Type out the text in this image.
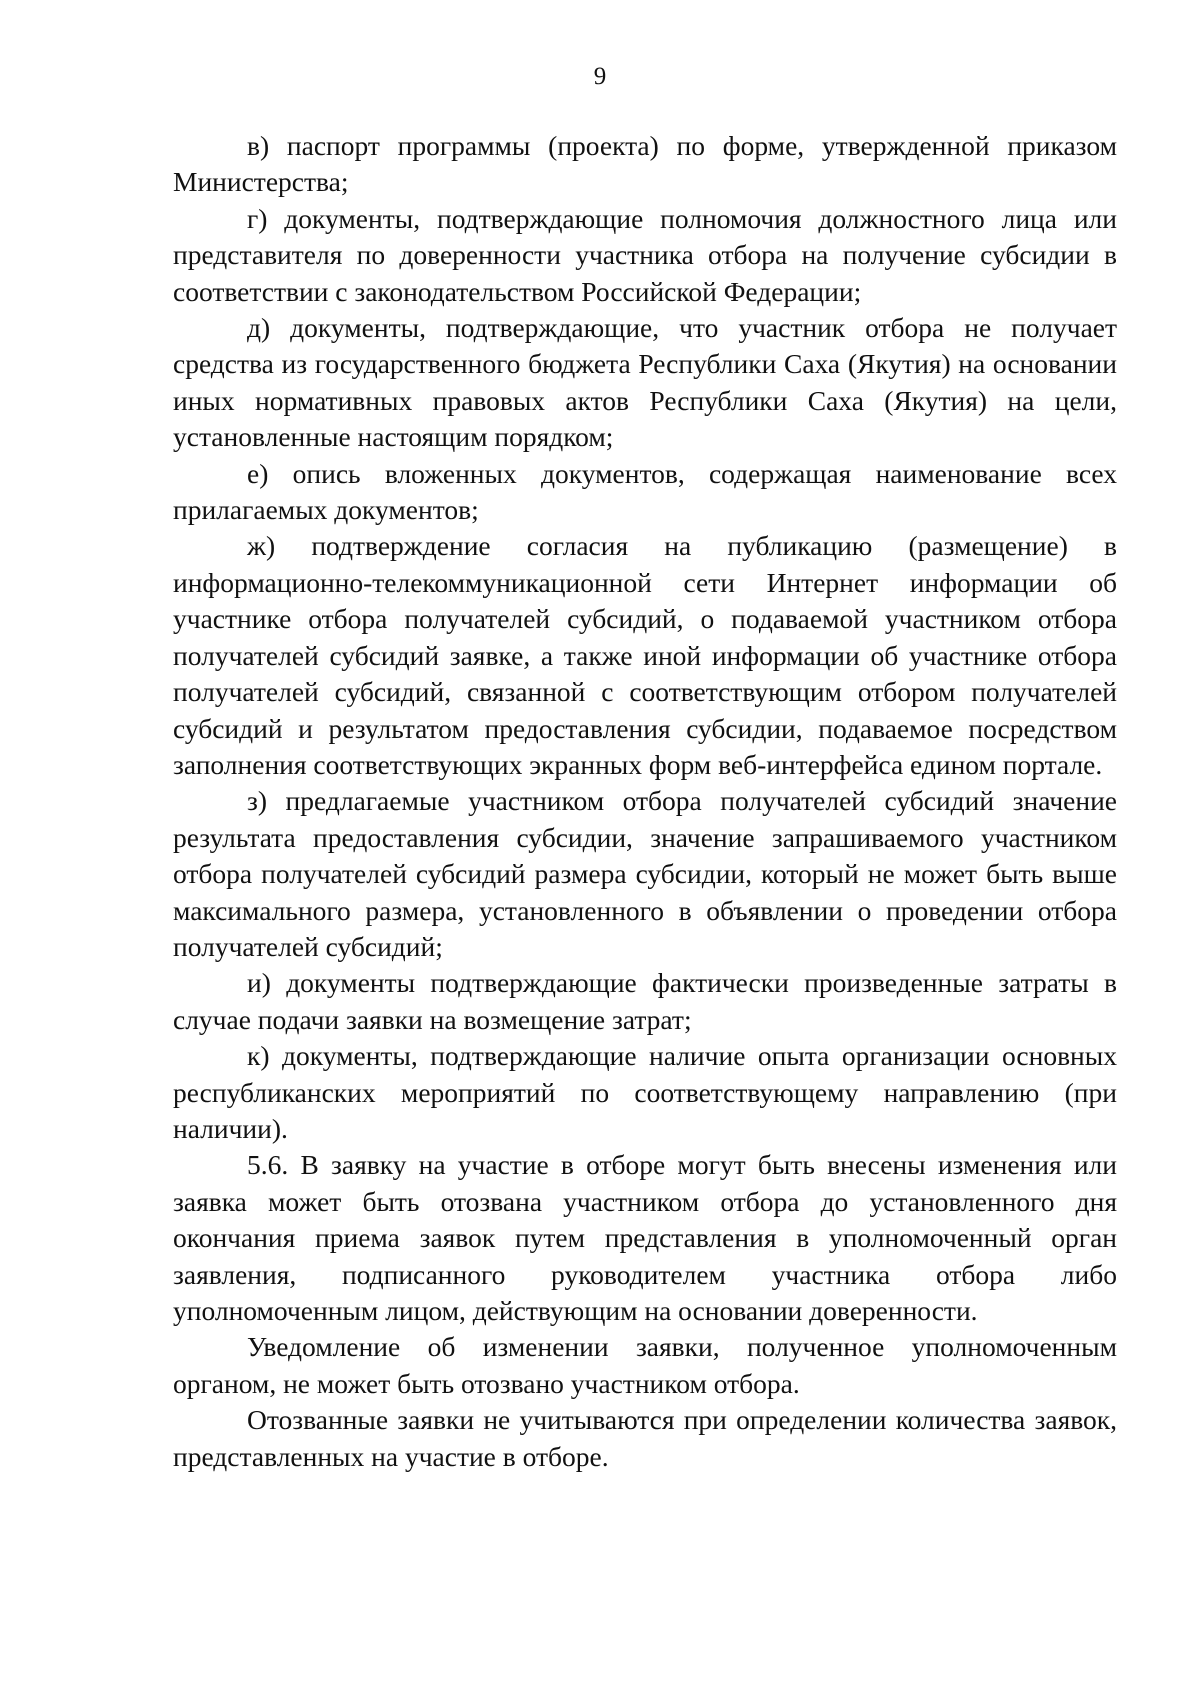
9

в) паспорт программы (проекта) по форме, утвержденной приказом Министерства;

г) документы, подтверждающие полномочия должностного лица или представителя по доверенности участника отбора на получение субсидии в соответствии с законодательством Российской Федерации;

д) документы, подтверждающие, что участник отбора не получает средства из государственного бюджета Республики Саха (Якутия) на основании иных нормативных правовых актов Республики Саха (Якутия) на цели, установленные настоящим порядком;

е) опись вложенных документов, содержащая наименование всех прилагаемых документов;

ж) подтверждение согласия на публикацию (размещение) в информационно-телекоммуникационной сети Интернет информации об участнике отбора получателей субсидий, о подаваемой участником отбора получателей субсидий заявке, а также иной информации об участнике отбора получателей субсидий, связанной с соответствующим отбором получателей субсидий и результатом предоставления субсидии, подаваемое посредством заполнения соответствующих экранных форм веб-интерфейса едином портале.

з) предлагаемые участником отбора получателей субсидий значение результата предоставления субсидии, значение запрашиваемого участником отбора получателей субсидий размера субсидии, который не может быть выше максимального размера, установленного в объявлении о проведении отбора получателей субсидий;

и) документы подтверждающие фактически произведенные затраты в случае подачи заявки на возмещение затрат;

к) документы, подтверждающие наличие опыта организации основных республиканских мероприятий по соответствующему направлению (при наличии).

5.6. В заявку на участие в отборе могут быть внесены изменения или заявка может быть отозвана участником отбора до установленного дня окончания приема заявок путем представления в уполномоченный орган заявления, подписанного руководителем участника отбора либо уполномоченным лицом, действующим на основании доверенности.

Уведомление об изменении заявки, полученное уполномоченным органом, не может быть отозвано участником отбора.

Отозванные заявки не учитываются при определении количества заявок, представленных на участие в отборе.
